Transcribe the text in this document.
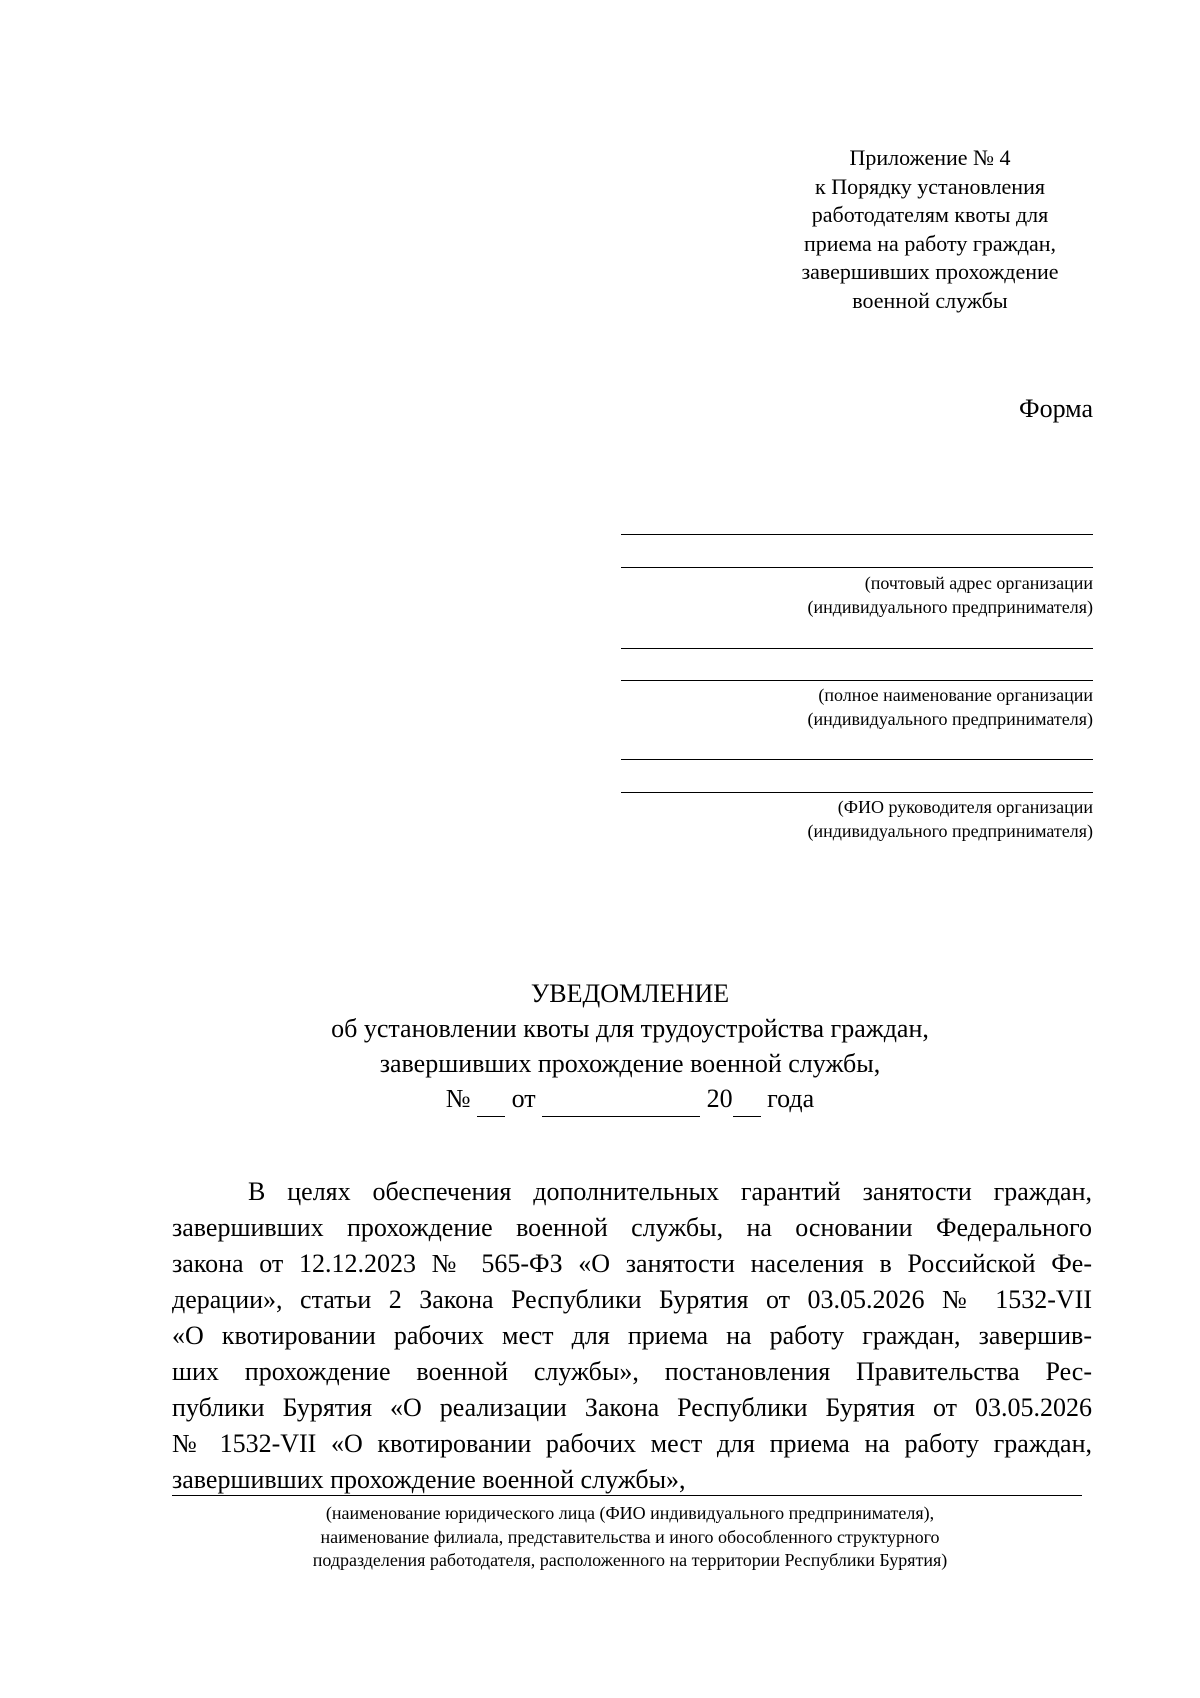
Приложение № 4
к Порядку установления
работодателям квоты для
приема на работу граждан,
завершивших прохождение
военной службы
Форма
(почтовый адрес организации
(индивидуального предпринимателя)
(полное наименование организации
(индивидуального предпринимателя)
(ФИО руководителя организации
(индивидуального предпринимателя)
УВЕДОМЛЕНИЕ
об установлении квоты для трудоустройства граждан,
завершивших прохождение военной службы,
№ от	20 года
В целях обеспечения дополнительных гарантий занятости граждан,
завершивших прохождение военной службы, на основании Федерального
закона от 12.12.2023 № 565-ФЗ «О занятости населения в Российской Фе-
дерации», статьи 2 Закона Республики Бурятия от 03.05.2026 № 1532-VII
«О квотировании рабочих мест для приема на работу граждан, завершив-
ших прохождение военной службы», постановления Правительства Рес-
публики Бурятия «О реализации Закона Республики Бурятия от 03.05.2026
№ 1532-VII «О квотировании рабочих мест для приема на работу граждан,
завершивших прохождение военной службы»,
(наименование юридического лица (ФИО индивидуального предпринимателя),
наименование филиала, представительства и иного обособленного структурного
подразделения работодателя, расположенного на территории Республики Бурятия)
